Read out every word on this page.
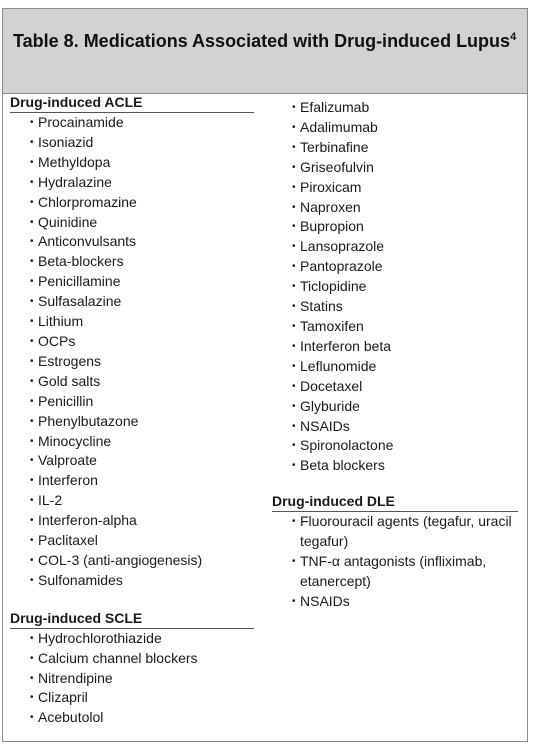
Table 8. Medications Associated with Drug-induced Lupus$^4$
Drug-induced ACLE
• Procainamide
• Isoniazid
• Methyldopa
• Hydralazine
• Chlorpromazine
• Quinidine
• Anticonvulsants
• Beta-blockers
• Penicillamine
• Sulfasalazine
• Lithium
• OCPs
• Estrogens
• Gold salts
• Penicillin
• Phenylbutazone
• Minocycline
• Valproate
• Interferon
• IL-2
• Interferon-alpha
• Paclitaxel
• COL-3 (anti-angiogenesis)
• Sulfonamides
Drug-induced SCLE
• Hydrochlorothiazide
• Calcium channel blockers
• Nitrendipine
• Clizapril
• Acebutolol
• Efalizumab
• Adalimumab
• Terbinafine
• Griseofulvin
• Piroxicam
• Naproxen
• Bupropion
• Lansoprazole
• Pantoprazole
• Ticlopidine
• Statins
• Tamoxifen
• Interferon beta
• Leflunomide
• Docetaxel
• Glyburide
• NSAIDs
• Spironolactone
• Beta blockers
Drug-induced DLE
• Fluorouracil agents (tegafur, uracil tegafur)
• TNF-α antagonists (infliximab, etanercept)
• NSAIDs
